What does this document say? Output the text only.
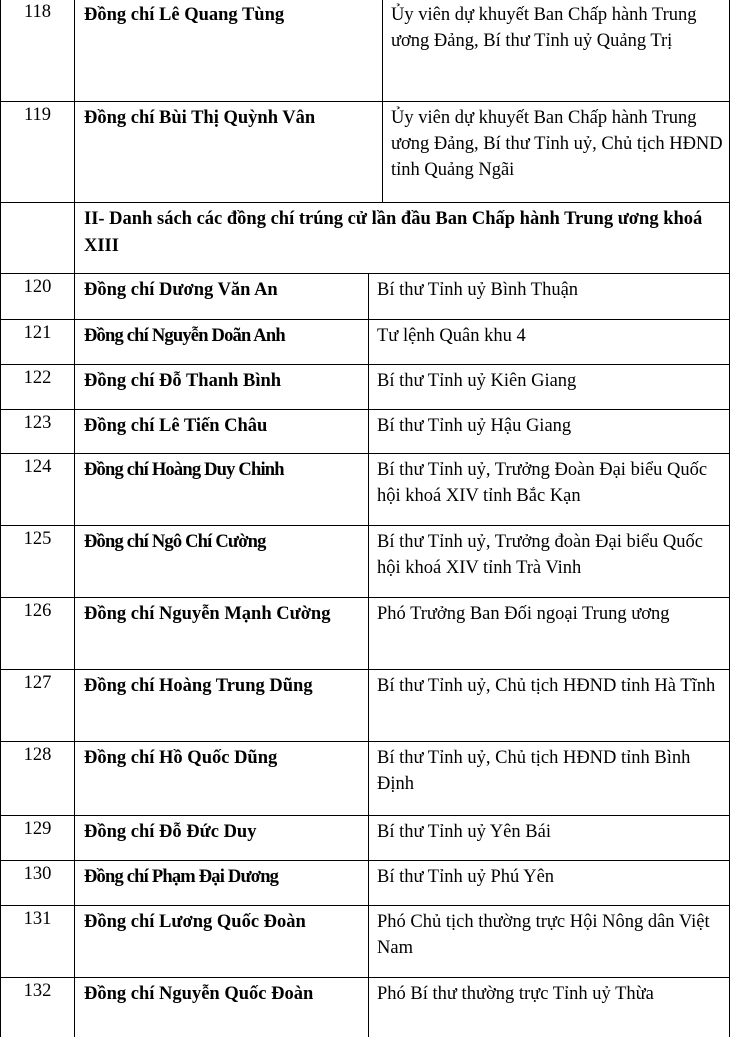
118	Đồng chí Lê Quang Tùng	Ủy viên dự khuyết Ban Chấp hành Trung ương Đảng, Bí thư Tỉnh uỷ Quảng Trị
119	Đồng chí Bùi Thị Quỳnh Vân	Ủy viên dự khuyết Ban Chấp hành Trung ương Đảng, Bí thư Tỉnh uỷ, Chủ tịch HĐND tỉnh Quảng Ngãi
II- Danh sách các đồng chí trúng cử lần đầu Ban Chấp hành Trung ương khoá XIII
120	Đồng chí Dương Văn An	Bí thư Tỉnh uỷ Bình Thuận
121	Đồng chí Nguyễn Doãn Anh	Tư lệnh Quân khu 4
122	Đồng chí Đỗ Thanh Bình	Bí thư Tỉnh uỷ Kiên Giang
123	Đồng chí Lê Tiến Châu	Bí thư Tỉnh uỷ Hậu Giang
124	Đồng chí Hoàng Duy Chinh	Bí thư Tỉnh uỷ, Trưởng Đoàn Đại biểu Quốc hội khoá XIV tỉnh Bắc Kạn
125	Đồng chí Ngô Chí Cường	Bí thư Tỉnh uỷ, Trưởng đoàn Đại biểu Quốc hội khoá XIV tỉnh Trà Vinh
126	Đồng chí Nguyễn Mạnh Cường	Phó Trưởng Ban Đối ngoại Trung ương
127	Đồng chí Hoàng Trung Dũng	Bí thư Tỉnh uỷ, Chủ tịch HĐND tỉnh Hà Tĩnh
128	Đồng chí Hồ Quốc Dũng	Bí thư Tỉnh uỷ, Chủ tịch HĐND tỉnh Bình Định
129	Đồng chí Đỗ Đức Duy	Bí thư Tỉnh uỷ Yên Bái
130	Đồng chí Phạm Đại Dương	Bí thư Tỉnh uỷ Phú Yên
131	Đồng chí Lương Quốc Đoàn	Phó Chủ tịch thường trực Hội Nông dân Việt Nam
132	Đồng chí Nguyễn Quốc Đoàn	Phó Bí thư thường trực Tỉnh uỷ Thừa
